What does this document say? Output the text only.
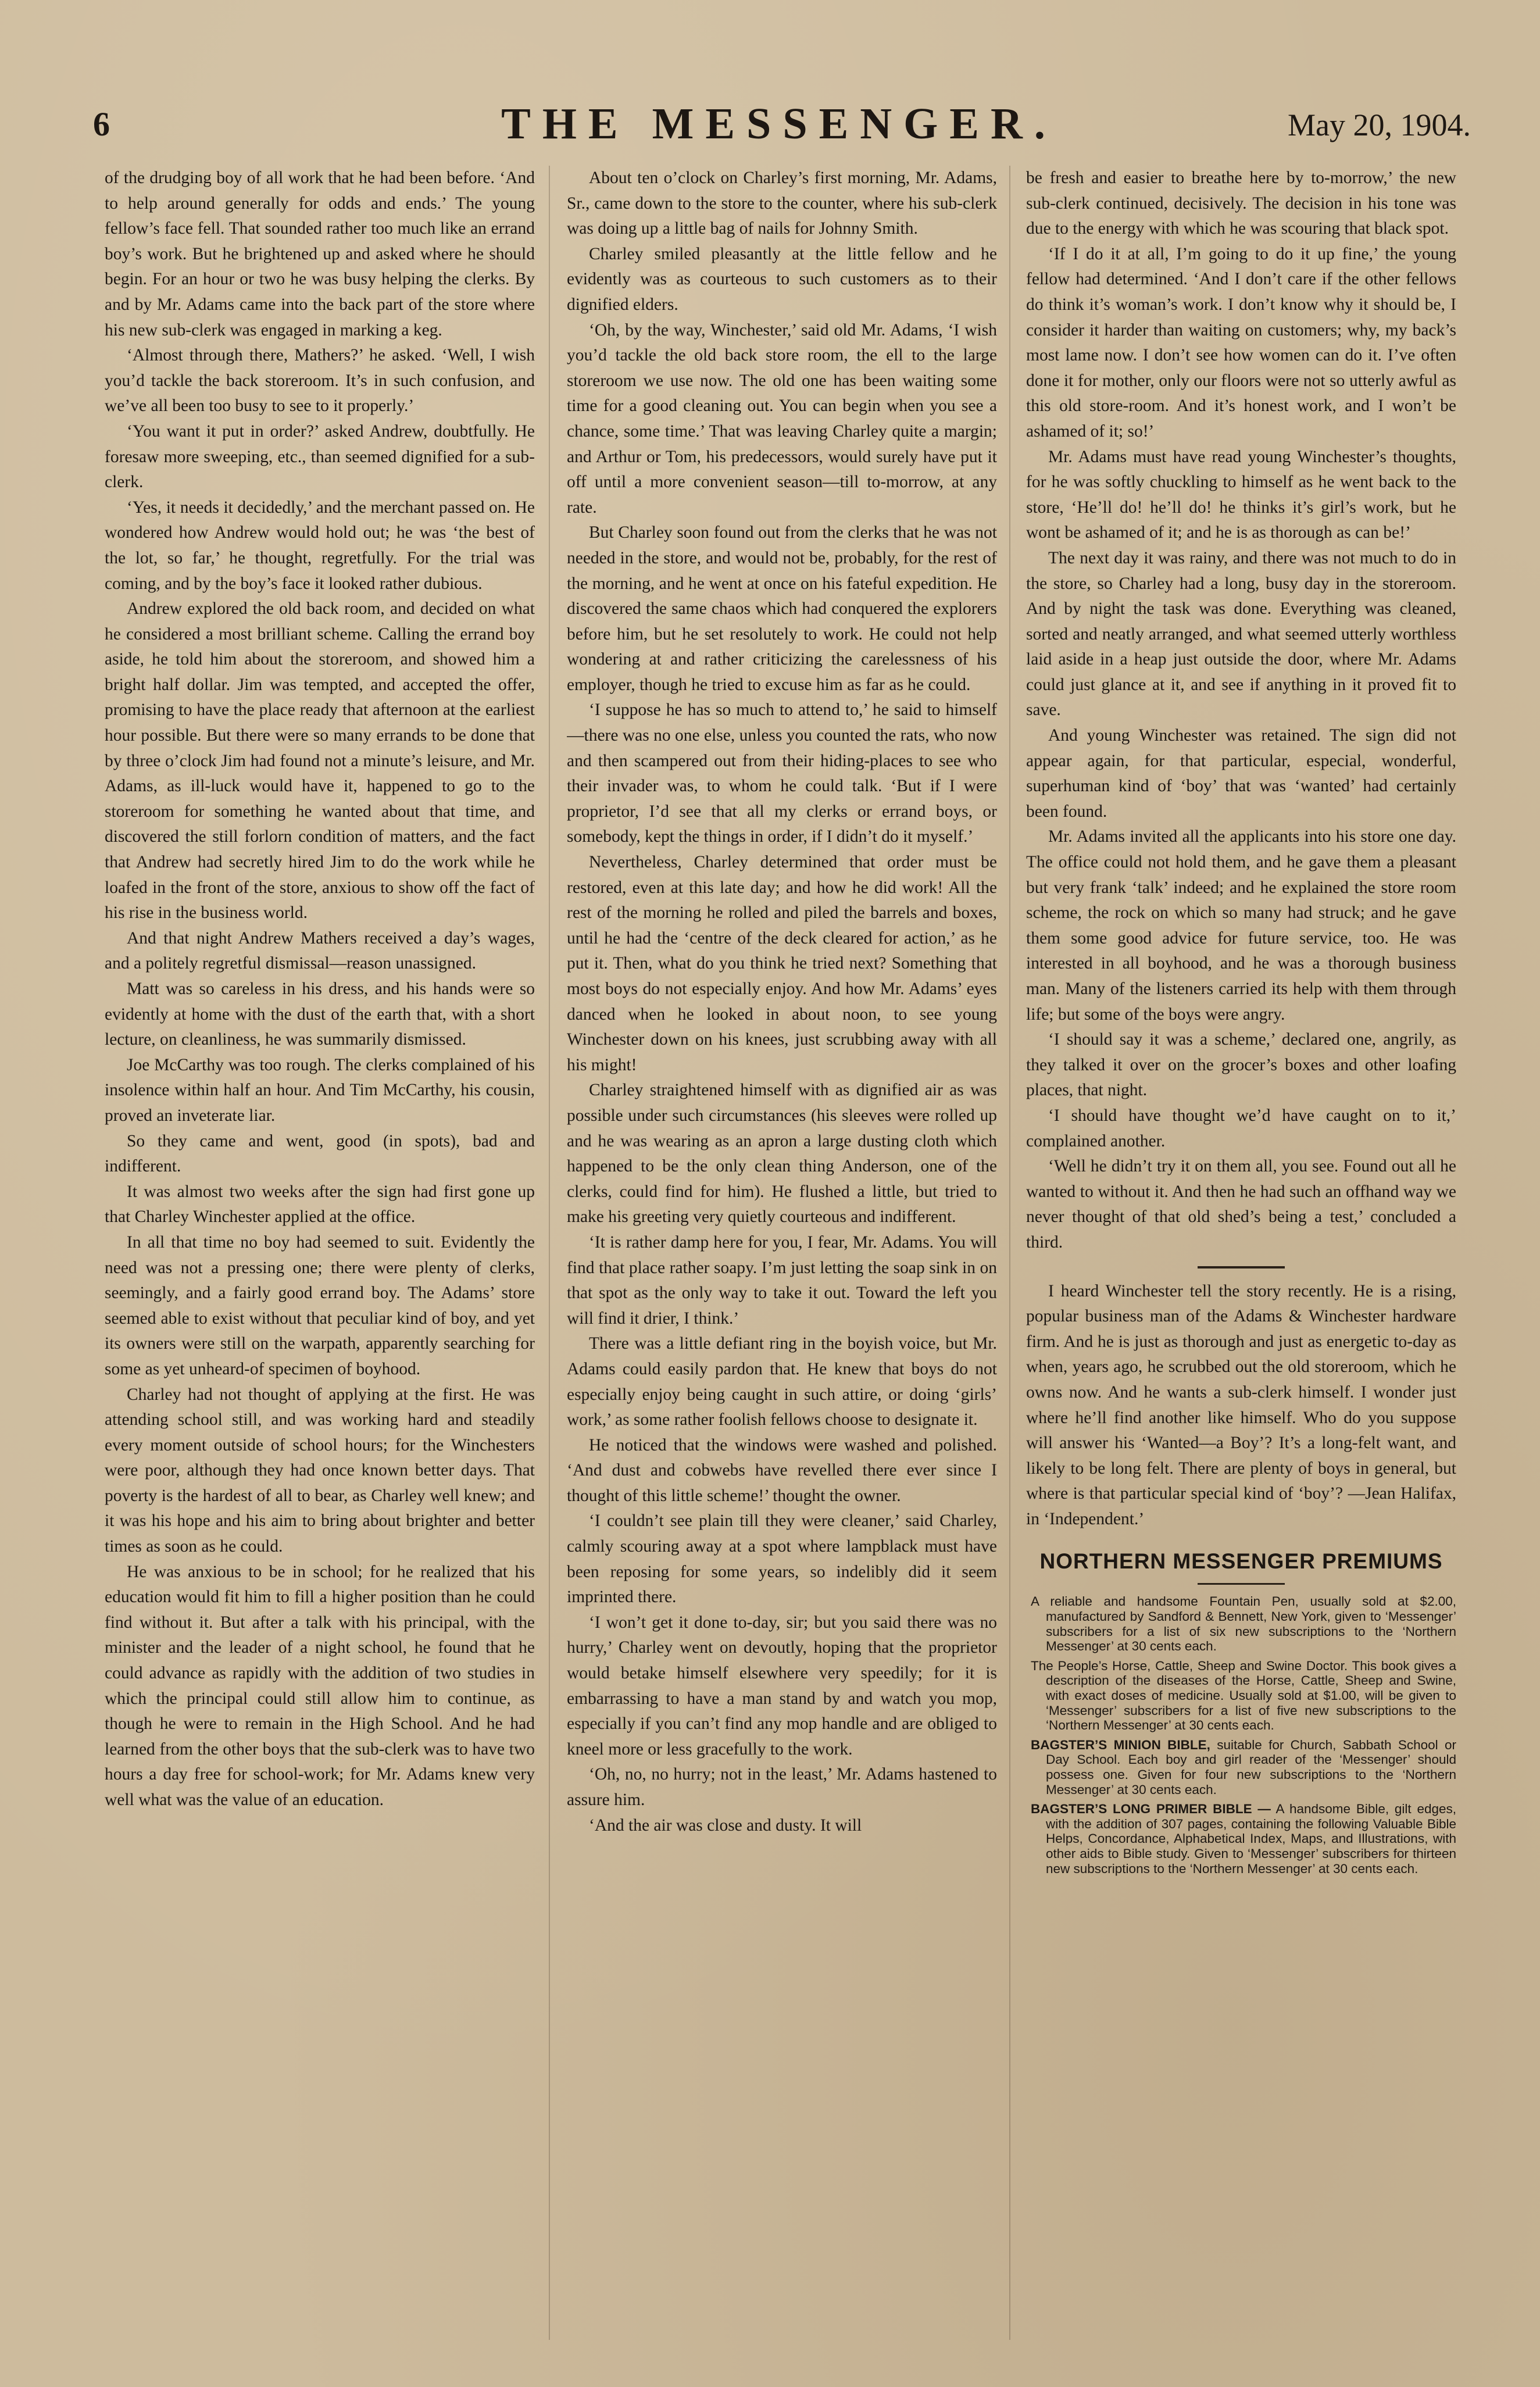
6	THE MESSENGER.	May 20, 1904.

of the drudging boy of all work that he had been before. ‘And to help around generally for odds and ends.’ The young fellow’s face fell. That sounded rather too much like an errand boy’s work. But he brightened up and asked where he should begin. For an hour or two he was busy helping the clerks. By and by Mr. Adams came into the back part of the store where his new sub-clerk was engaged in marking a keg.

‘Almost through there, Mathers?’ he asked. ‘Well, I wish you’d tackle the back storeroom. It’s in such confusion, and we’ve all been too busy to see to it properly.’

‘You want it put in order?’ asked Andrew, doubtfully. He foresaw more sweeping, etc., than seemed dignified for a sub-clerk.

‘Yes, it needs it decidedly,’ and the merchant passed on. He wondered how Andrew would hold out; he was ‘the best of the lot, so far,’ he thought, regretfully. For the trial was coming, and by the boy’s face it looked rather dubious.

Andrew explored the old back room, and decided on what he considered a most brilliant scheme. Calling the errand boy aside, he told him about the storeroom, and showed him a bright half dollar. Jim was tempted, and accepted the offer, promising to have the place ready that afternoon at the earliest hour possible. But there were so many errands to be done that by three o’clock Jim had found not a minute’s leisure, and Mr. Adams, as ill-luck would have it, happened to go to the storeroom for something he wanted about that time, and discovered the still forlorn condition of matters, and the fact that Andrew had secretly hired Jim to do the work while he loafed in the front of the store, anxious to show off the fact of his rise in the business world.

And that night Andrew Mathers received a day’s wages, and a politely regretful dismissal—reason unassigned.

Matt was so careless in his dress, and his hands were so evidently at home with the dust of the earth that, with a short lecture, on cleanliness, he was summarily dismissed.

Joe McCarthy was too rough. The clerks complained of his insolence within half an hour. And Tim McCarthy, his cousin, proved an inveterate liar.

So they came and went, good (in spots), bad and indifferent.

It was almost two weeks after the sign had first gone up that Charley Winchester applied at the office.

In all that time no boy had seemed to suit. Evidently the need was not a pressing one; there were plenty of clerks, seemingly, and a fairly good errand boy. The Adams’ store seemed able to exist without that peculiar kind of boy, and yet its owners were still on the warpath, apparently searching for some as yet unheard-of specimen of boyhood.

Charley had not thought of applying at the first. He was attending school still, and was working hard and steadily every moment outside of school hours; for the Winchesters were poor, although they had once known better days. That poverty is the hardest of all to bear, as Charley well knew; and it was his hope and his aim to bring about brighter and better times as soon as he could.

He was anxious to be in school; for he realized that his education would fit him to fill a higher position than he could find without it. But after a talk with his principal, with the minister and the leader of a night school, he found that he could advance as rapidly with the addition of two studies in which the principal could still allow him to continue, as though he were to remain in the High School. And he had learned from the other boys that the sub-clerk was to have two hours a day free for school-work; for Mr. Adams knew very well what was the value of an education.

About ten o’clock on Charley’s first morning, Mr. Adams, Sr., came down to the store to the counter, where his sub-clerk was doing up a little bag of nails for Johnny Smith.

Charley smiled pleasantly at the little fellow and he evidently was as courteous to such customers as to their dignified elders.

‘Oh, by the way, Winchester,’ said old Mr. Adams, ‘I wish you’d tackle the old back store room, the ell to the large storeroom we use now. The old one has been waiting some time for a good cleaning out. You can begin when you see a chance, some time.’ That was leaving Charley quite a margin; and Arthur or Tom, his predecessors, would surely have put it off until a more convenient season—till to-morrow, at any rate.

But Charley soon found out from the clerks that he was not needed in the store, and would not be, probably, for the rest of the morning, and he went at once on his fateful expedition. He discovered the same chaos which had conquered the explorers before him, but he set resolutely to work. He could not help wondering at and rather criticizing the carelessness of his employer, though he tried to excuse him as far as he could.

‘I suppose he has so much to attend to,’ he said to himself—there was no one else, unless you counted the rats, who now and then scampered out from their hiding-places to see who their invader was, to whom he could talk. ‘But if I were proprietor, I’d see that all my clerks or errand boys, or somebody, kept the things in order, if I didn’t do it myself.’

Nevertheless, Charley determined that order must be restored, even at this late day; and how he did work! All the rest of the morning he rolled and piled the barrels and boxes, until he had the ‘centre of the deck cleared for action,’ as he put it. Then, what do you think he tried next? Something that most boys do not especially enjoy. And how Mr. Adams’ eyes danced when he looked in about noon, to see young Winchester down on his knees, just scrubbing away with all his might!

Charley straightened himself with as dignified air as was possible under such circumstances (his sleeves were rolled up and he was wearing as an apron a large dusting cloth which happened to be the only clean thing Anderson, one of the clerks, could find for him). He flushed a little, but tried to make his greeting very quietly courteous and indifferent.

‘It is rather damp here for you, I fear, Mr. Adams. You will find that place rather soapy. I’m just letting the soap sink in on that spot as the only way to take it out. Toward the left you will find it drier, I think.’

There was a little defiant ring in the boyish voice, but Mr. Adams could easily pardon that. He knew that boys do not especially enjoy being caught in such attire, or doing ‘girls’ work,’ as some rather foolish fellows choose to designate it.

He noticed that the windows were washed and polished. ‘And dust and cobwebs have revelled there ever since I thought of this little scheme!’ thought the owner.

‘I couldn’t see plain till they were cleaner,’ said Charley, calmly scouring away at a spot where lampblack must have been reposing for some years, so indelibly did it seem imprinted there.

‘I won’t get it done to-day, sir; but you said there was no hurry,’ Charley went on devoutly, hoping that the proprietor would betake himself elsewhere very speedily; for it is embarrassing to have a man stand by and watch you mop, especially if you can’t find any mop handle and are obliged to kneel more or less gracefully to the work.

‘Oh, no, no hurry; not in the least,’ Mr. Adams hastened to assure him.

‘And the air was close and dusty. It will

be fresh and easier to breathe here by to-morrow,’ the new sub-clerk continued, decisively. The decision in his tone was due to the energy with which he was scouring that black spot.

‘If I do it at all, I’m going to do it up fine,’ the young fellow had determined. ‘And I don’t care if the other fellows do think it’s woman’s work. I don’t know why it should be, I consider it harder than waiting on customers; why, my back’s most lame now. I don’t see how women can do it. I’ve often done it for mother, only our floors were not so utterly awful as this old store-room. And it’s honest work, and I won’t be ashamed of it; so!’

Mr. Adams must have read young Winchester’s thoughts, for he was softly chuckling to himself as he went back to the store, ‘He’ll do! he’ll do! he thinks it’s girl’s work, but he wont be ashamed of it; and he is as thorough as can be!’

The next day it was rainy, and there was not much to do in the store, so Charley had a long, busy day in the storeroom. And by night the task was done. Everything was cleaned, sorted and neatly arranged, and what seemed utterly worthless laid aside in a heap just outside the door, where Mr. Adams could just glance at it, and see if anything in it proved fit to save.

And young Winchester was retained. The sign did not appear again, for that particular, especial, wonderful, superhuman kind of ‘boy’ that was ‘wanted’ had certainly been found.

Mr. Adams invited all the applicants into his store one day. The office could not hold them, and he gave them a pleasant but very frank ‘talk’ indeed; and he explained the store room scheme, the rock on which so many had struck; and he gave them some good advice for future service, too. He was interested in all boyhood, and he was a thorough business man. Many of the listeners carried its help with them through life; but some of the boys were angry.

‘I should say it was a scheme,’ declared one, angrily, as they talked it over on the grocer’s boxes and other loafing places, that night.

‘I should have thought we’d have caught on to it,’ complained another.

‘Well he didn’t try it on them all, you see. Found out all he wanted to without it. And then he had such an offhand way we never thought of that old shed’s being a test,’ concluded a third.

I heard Winchester tell the story recently. He is a rising, popular business man of the Adams & Winchester hardware firm. And he is just as thorough and just as energetic to-day as when, years ago, he scrubbed out the old storeroom, which he owns now. And he wants a sub-clerk himself. I wonder just where he’ll find another like himself. Who do you suppose will answer his ‘Wanted—a Boy’? It’s a long-felt want, and likely to be long felt. There are plenty of boys in general, but where is that particular special kind of ‘boy’? —Jean Halifax, in ‘Independent.’

NORTHERN MESSENGER PREMIUMS
A reliable and handsome Fountain Pen, usually sold at $2.00, manufactured by Sandford & Bennett, New York, given to ‘Messenger’ subscribers for a list of six new subscriptions to the ‘Northern Messenger’ at 30 cents each.
The People’s Horse, Cattle, Sheep and Swine Doctor. This book gives a description of the diseases of the Horse, Cattle, Sheep and Swine, with exact doses of medicine. Usually sold at $1.00, will be given to ‘Messenger’ subscribers for a list of five new subscriptions to the ‘Northern Messenger’ at 30 cents each.
BAGSTER’S MINION BIBLE, suitable for Church, Sabbath School or Day School. Each boy and girl reader of the ‘Messenger’ should possess one. Given for four new subscriptions to the ‘Northern Messenger’ at 30 cents each.
BAGSTER’S LONG PRIMER BIBLE — A handsome Bible, gilt edges, with the addition of 307 pages, containing the following Valuable Bible Helps, Concordance, Alphabetical Index, Maps, and Illustrations, with other aids to Bible study. Given to ‘Messenger’ subscribers for thirteen new subscriptions to the ‘Northern Messenger’ at 30 cents each.
